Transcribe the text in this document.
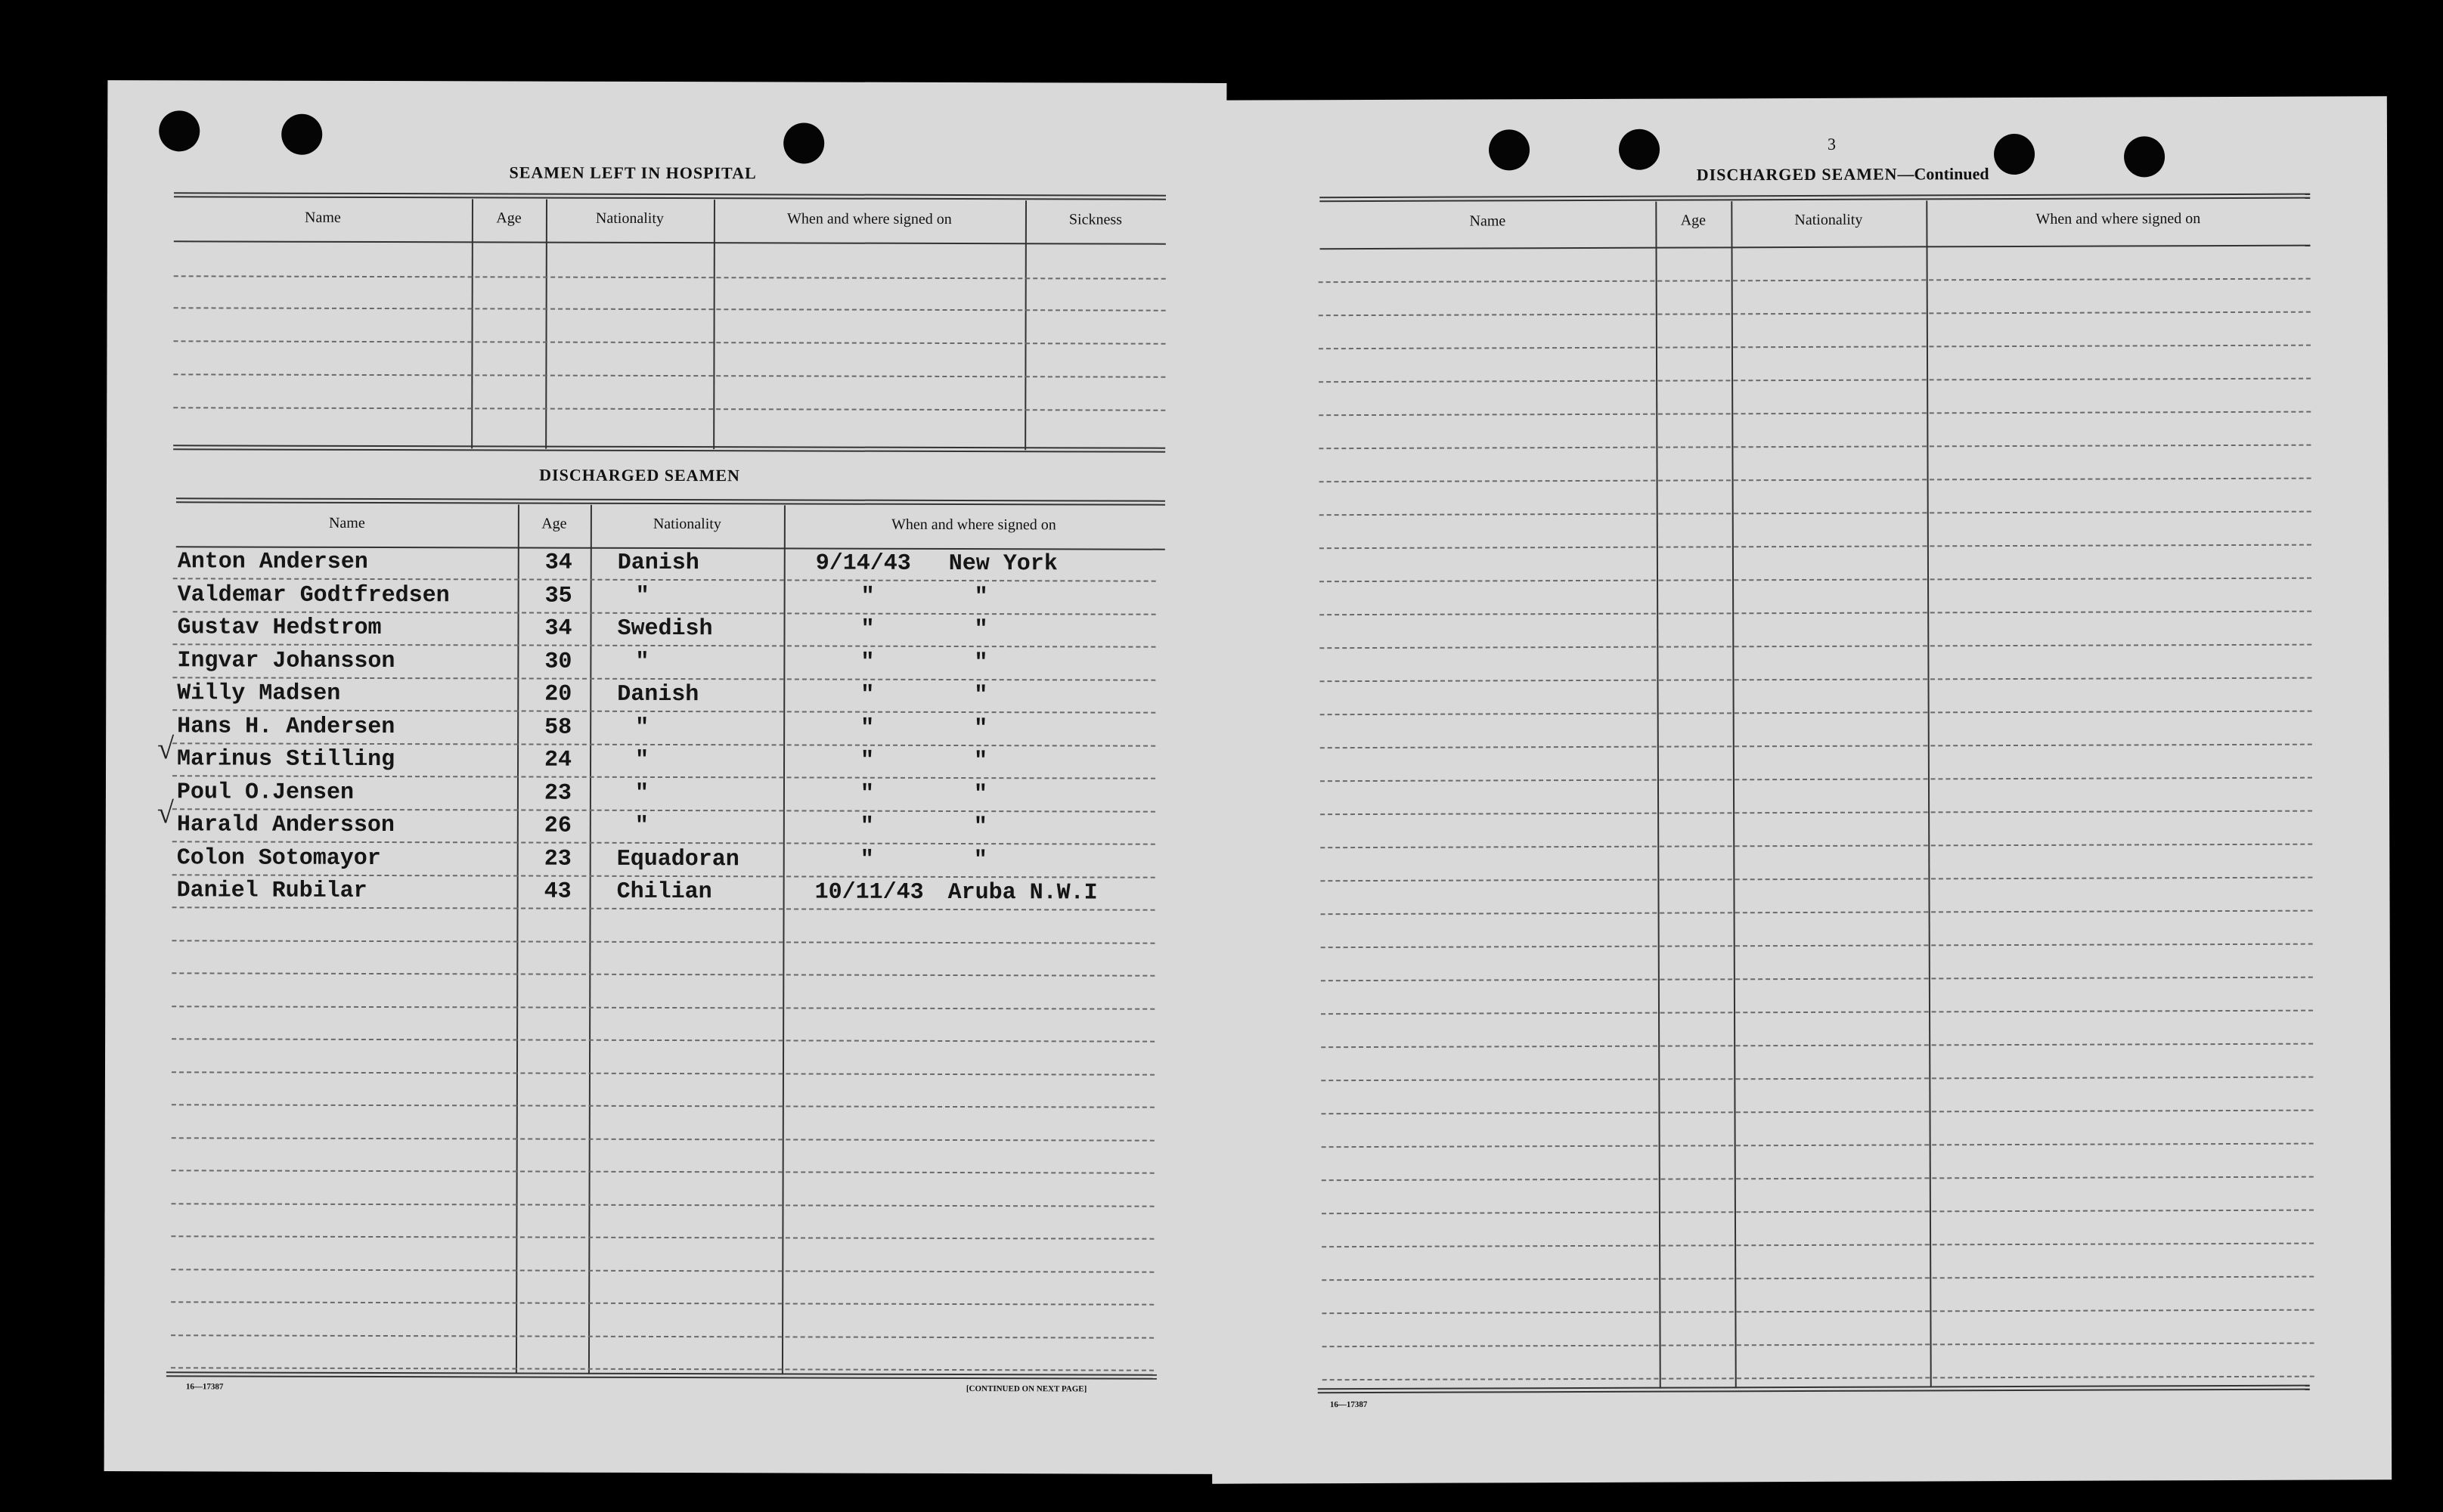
SEAMEN LEFT IN HOSPITAL
Name	Age	Nationality	When and where signed on	Sickness
DISCHARGED SEAMEN
Name	Age	Nationality	When and where signed on
Anton Andersen	34 Danish	9/14/43 New York
Valdemar Godtfredsen	35	"	"	"
Gustav Hedstrom	34 Swedish	"	"
Ingvar Johansson	30	"	"	"
Willy Madsen	20 Danish	"	"
Hans H. Andersen	58	"	"	"
Marinus Stilling	24	"	"	"
Poul O.Jensen	23	"	"	"
Harald Andersson	26	"	"	"
Colon Sotomayor	23 Equadoran	"	"
Daniel Rubilar	43 Chilian	10/11/43 Aruba N.W.I
√
√
16—17387	[CONTINUED ON NEXT PAGE]
3
DISCHARGED SEAMEN—Continued
Name	Age	Nationality	When and where signed on
16—17387
